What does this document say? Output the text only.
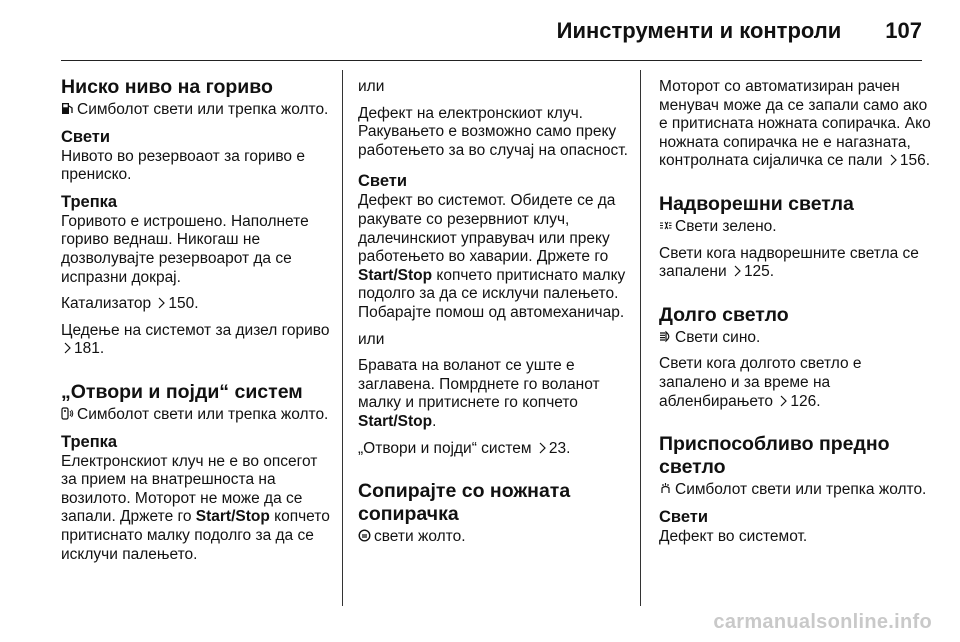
Иинструменти и контроли 107
Ниско ниво на гориво

Симболот свети или трепка жолто.

Свети

Нивото во резервоаот за гориво е прениско.

Трепка

Горивото е истрошено. Наполнете гориво веднаш. Никогаш не дозволувајте резервоарот да се испразни докрај.

Катализатор 150.

Цедење на системот за дизел гориво 181.

„Отвори и појди“ систем

Симболот свети или трепка жолто.

Трепка

Електронскиот клуч не е во опсегот за прием на внатрешноста на возилото. Моторот не може да се запали. Држете го Start/Stop копчето притиснато малку подолго за да се исклучи палењето.

или

Дефект на електронскиот клуч. Ракувањето е возможно само преку работењето за во случај на опасност.

Свети

Дефект во системот. Обидете се да ракувате со резервниот клуч, далечинскиот управувач или преку работењето во хаварии. Држете го Start/Stop копчето притиснато малку подолго за да се исклучи палењето. Побарајте помош од автомеханичар.

или

Бравата на воланот се уште е заглавена. Помрднете го воланот малку и притиснете го копчето Start/Stop.

„Отвори и појди“ систем 23.

Сопирајте со ножната сопирачка

свети жолто.

Моторот со автоматизиран рачен менувач може да се запали само ако е притисната ножната сопирачка. Ако ножната сопирачка не е нагазната, контролната сијаличка се пали 156.

Надворешни светла

Свети зелено.

Свети кога надворешните светла се запалени 125.

Долго светло

Свети сино.

Свети кога долгото светло е запалено и за време на абленбирањето 126.

Приспособливо предно светло

Симболот свети или трепка жолто.

Свети

Дефект во системот.

carmanualsonline.info
